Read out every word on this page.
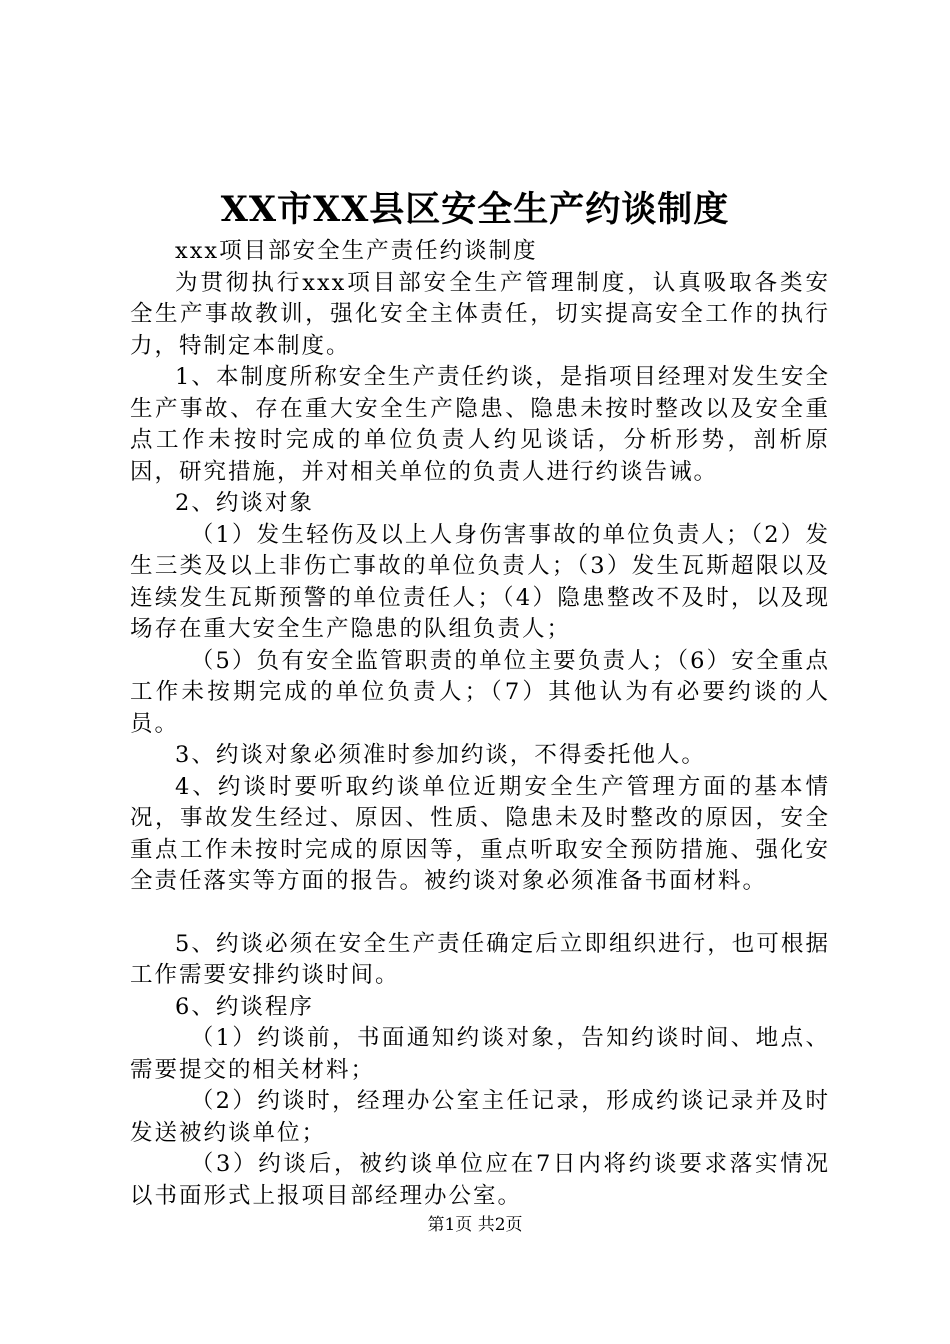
XX市XX县区安全生产约谈制度

xxx项目部安全生产责任约谈制度

为贯彻执行xxx项目部安全生产管理制度，认真吸取各类安全生产事故教训，强化安全主体责任，切实提高安全工作的执行力，特制定本制度。

1、本制度所称安全生产责任约谈，是指项目经理对发生安全生产事故、存在重大安全生产隐患、隐患未按时整改以及安全重点工作未按时完成的单位负责人约见谈话，分析形势，剖析原因，研究措施，并对相关单位的负责人进行约谈告诫。

2、约谈对象

（1）发生轻伤及以上人身伤害事故的单位负责人；（2）发生三类及以上非伤亡事故的单位负责人；（3）发生瓦斯超限以及连续发生瓦斯预警的单位责任人；（4）隐患整改不及时，以及现场存在重大安全生产隐患的队组负责人；

（5）负有安全监管职责的单位主要负责人；（6）安全重点工作未按期完成的单位负责人；（7）其他认为有必要约谈的人员。

3、约谈对象必须准时参加约谈，不得委托他人。

4、约谈时要听取约谈单位近期安全生产管理方面的基本情况，事故发生经过、原因、性质、隐患未及时整改的原因，安全重点工作未按时完成的原因等，重点听取安全预防措施、强化安全责任落实等方面的报告。被约谈对象必须准备书面材料。

5、约谈必须在安全生产责任确定后立即组织进行，也可根据工作需要安排约谈时间。

6、约谈程序

（1）约谈前，书面通知约谈对象，告知约谈时间、地点、需要提交的相关材料；

（2）约谈时，经理办公室主任记录，形成约谈记录并及时发送被约谈单位；

（3）约谈后，被约谈单位应在7日内将约谈要求落实情况以书面形式上报项目部经理办公室。

第1页 共2页
